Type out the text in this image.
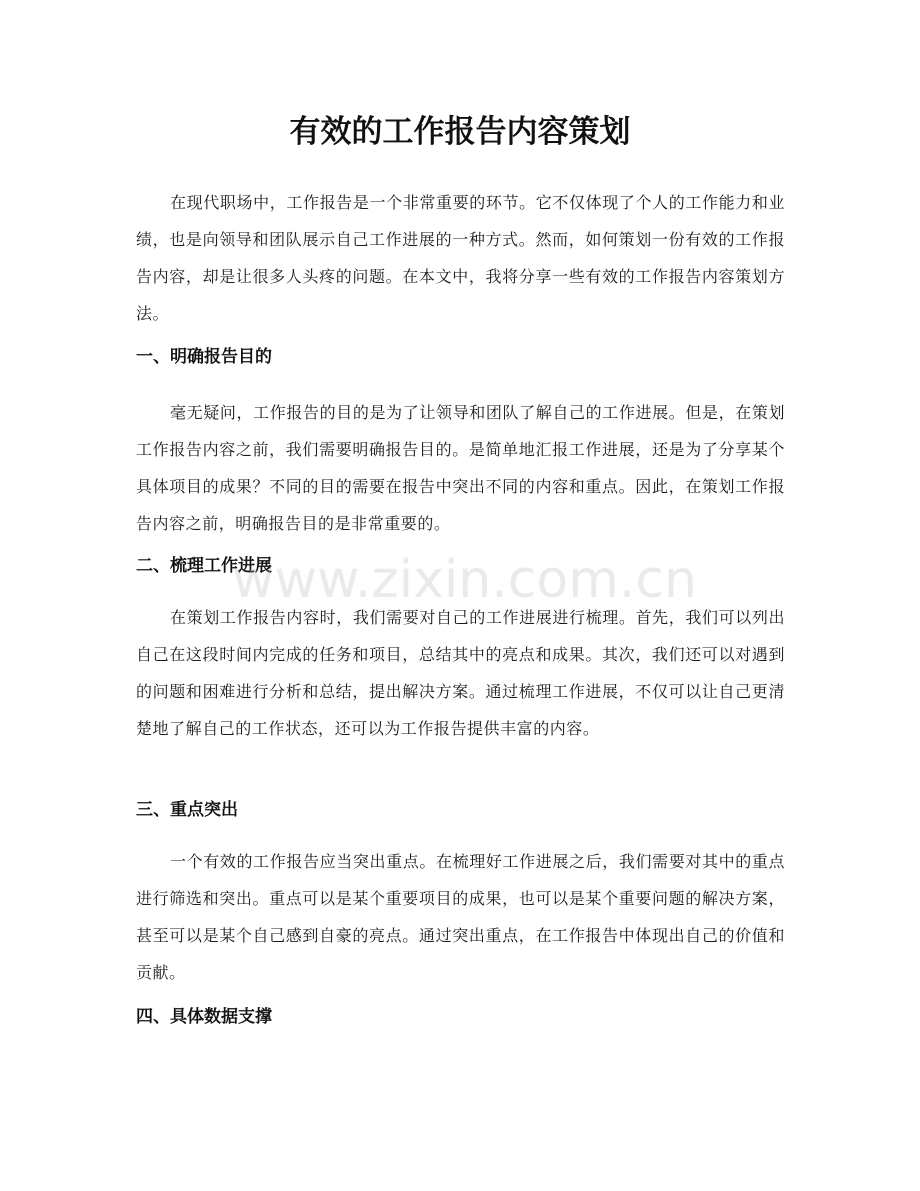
有效的工作报告内容策划

在现代职场中，工作报告是一个非常重要的环节。它不仅体现了个人的工作能力和业绩，也是向领导和团队展示自己工作进展的一种方式。然而，如何策划一份有效的工作报告内容，却是让很多人头疼的问题。在本文中，我将分享一些有效的工作报告内容策划方法。

一、明确报告目的

毫无疑问，工作报告的目的是为了让领导和团队了解自己的工作进展。但是，在策划工作报告内容之前，我们需要明确报告目的。是简单地汇报工作进展，还是为了分享某个具体项目的成果？不同的目的需要在报告中突出不同的内容和重点。因此，在策划工作报告内容之前，明确报告目的是非常重要的。

二、梳理工作进展

在策划工作报告内容时，我们需要对自己的工作进展进行梳理。首先，我们可以列出自己在这段时间内完成的任务和项目，总结其中的亮点和成果。其次，我们还可以对遇到的问题和困难进行分析和总结，提出解决方案。通过梳理工作进展，不仅可以让自己更清楚地了解自己的工作状态，还可以为工作报告提供丰富的内容。

三、重点突出

一个有效的工作报告应当突出重点。在梳理好工作进展之后，我们需要对其中的重点进行筛选和突出。重点可以是某个重要项目的成果，也可以是某个重要问题的解决方案，甚至可以是某个自己感到自豪的亮点。通过突出重点，在工作报告中体现出自己的价值和贡献。

四、具体数据支撑
www.zixin.com.cn
